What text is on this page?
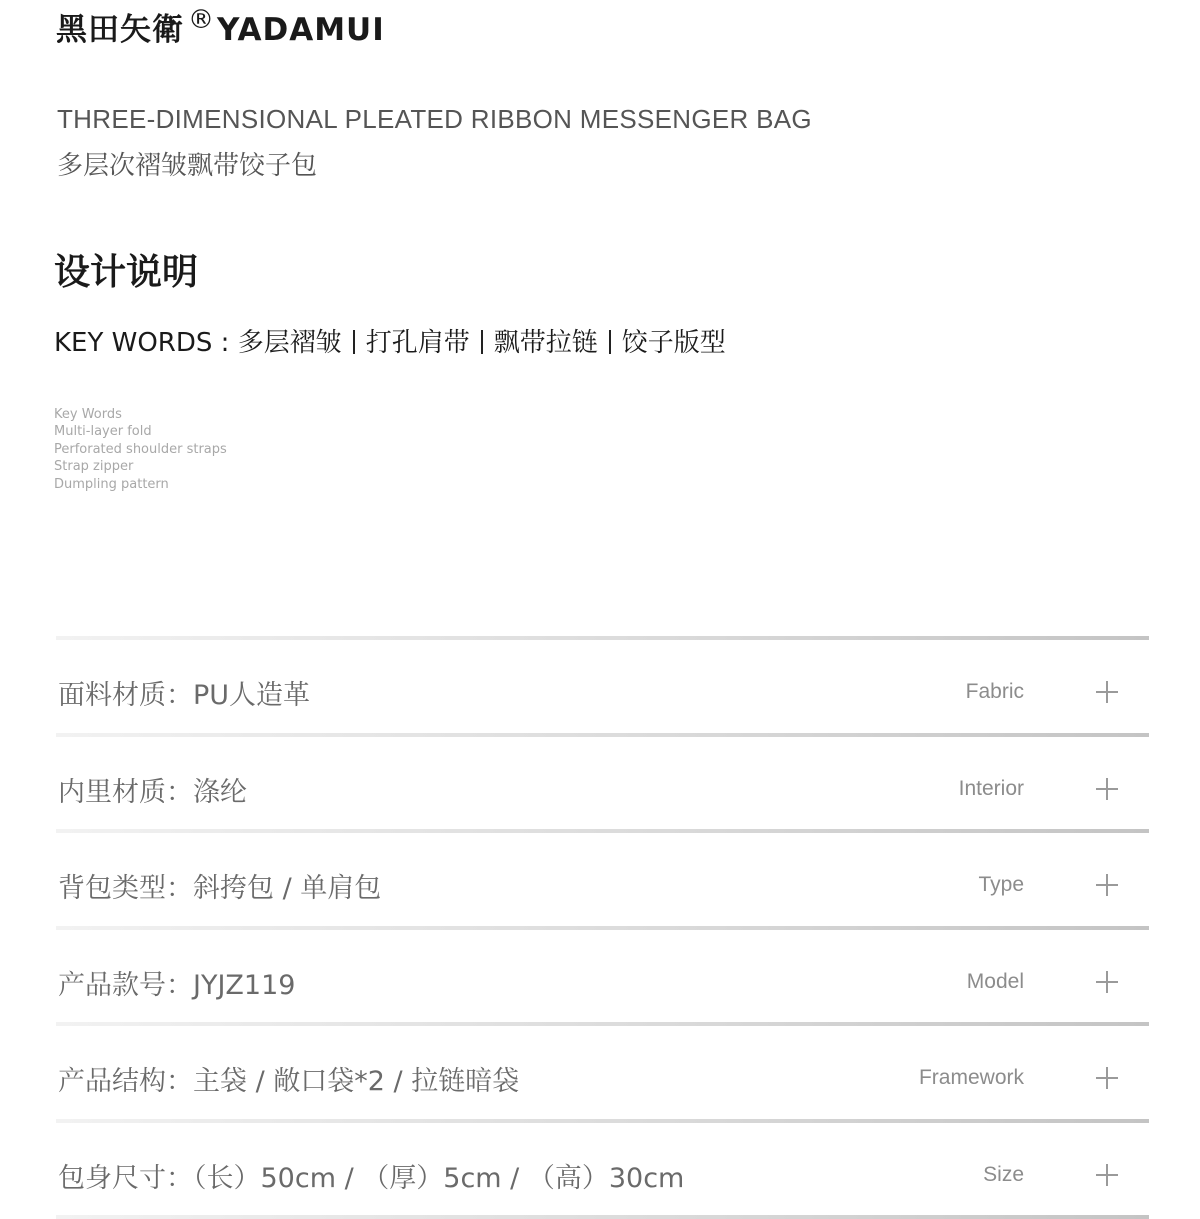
黑田矢衛 ®YADAMUI
THREE-DIMENSIONAL PLEATED RIBBON MESSENGER BAG
多层次褶皱飘带饺子包
设计说明
KEY WORDS : 多层褶皱 打孔肩带 飘带拉链 饺子版型
Key Words
Multi-layer fold
Perforated shoulder straps
Strap zipper
Dumpling pattern
面料材质：PU人造革	Fabric
内里材质：涤纶	Interior
背包类型：斜挎包 / 单肩包	Type
产品款号：JYJZ119	Model
产品结构：主袋 / 敞口袋*2 / 拉链暗袋	Framework
包身尺寸：（长）50cm / （厚）5cm / （高）30cm	Size
